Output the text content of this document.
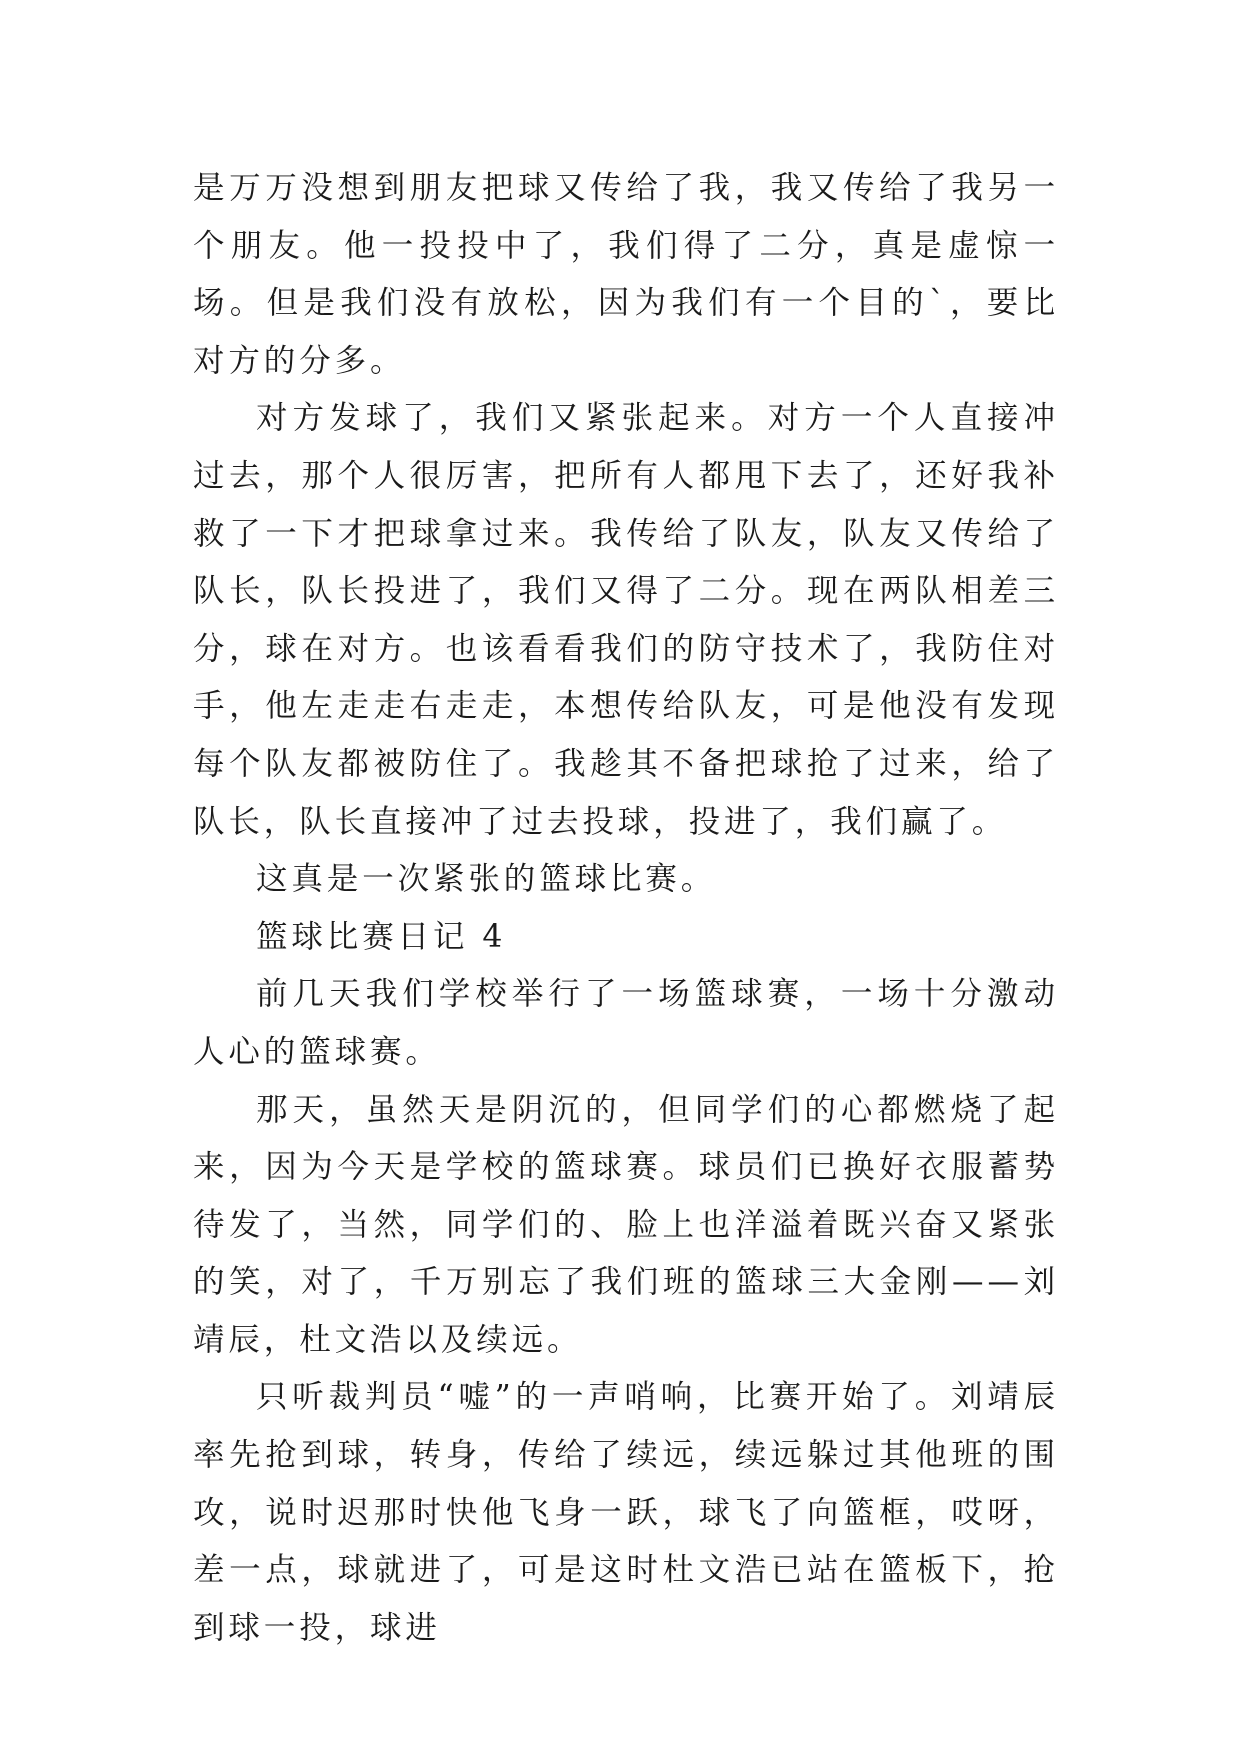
是万万没想到朋友把球又传给了我，我又传给了我另一个朋友。他一投投中了，我们得了二分，真是虚惊一场。但是我们没有放松，因为我们有一个目的`，要比对方的分多。

对方发球了，我们又紧张起来。对方一个人直接冲过去，那个人很厉害，把所有人都甩下去了，还好我补救了一下才把球拿过来。我传给了队友，队友又传给了队长，队长投进了，我们又得了二分。现在两队相差三分，球在对方。也该看看我们的防守技术了，我防住对手，他左走走右走走，本想传给队友，可是他没有发现每个队友都被防住了。我趁其不备把球抢了过来，给了队长，队长直接冲了过去投球，投进了，我们赢了。

这真是一次紧张的篮球比赛。

篮球比赛日记 4

前几天我们学校举行了一场篮球赛，一场十分激动人心的篮球赛。

那天，虽然天是阴沉的，但同学们的心都燃烧了起来，因为今天是学校的篮球赛。球员们已换好衣服蓄势待发了，当然，同学们的、脸上也洋溢着既兴奋又紧张的笑，对了，千万别忘了我们班的篮球三大金刚——刘靖辰，杜文浩以及续远。

只听裁判员“嘘”的一声哨响，比赛开始了。刘靖辰率先抢到球，转身，传给了续远，续远躲过其他班的围攻，说时迟那时快他飞身一跃，球飞了向篮框，哎呀，差一点，球就进了，可是这时杜文浩已站在篮板下，抢到球一投，球进
